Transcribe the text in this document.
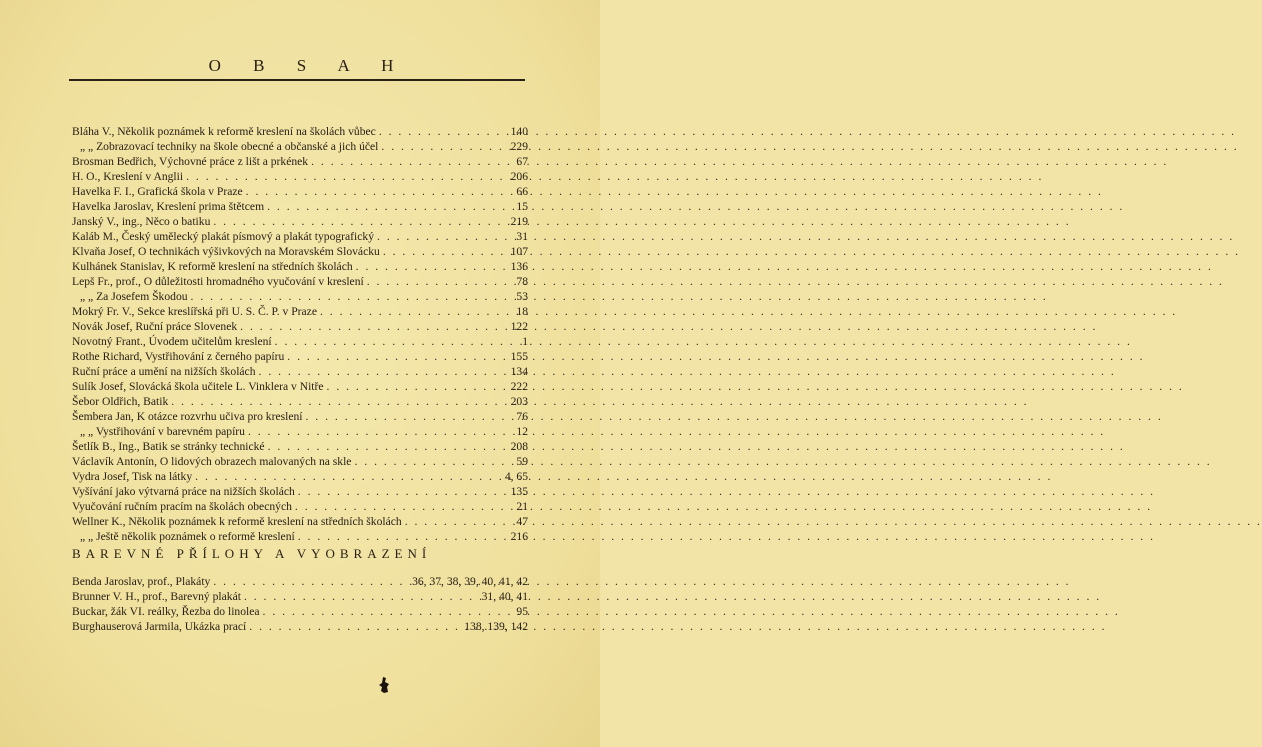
O B S A H
Bláha V., Několik poznámek k reformě kreslení na školách vůbec . . .	140
„ „ Zobrazovací techniky na škole obecné a občanské a jich účel . . .	229
Brosman Bedřich, Výchovné práce z lišt a prkének . . .	67
H. O., Kreslení v Anglii . . .	206
Havelka F. I., Grafická škola v Praze . . .	66
Havelka Jaroslav, Kreslení prima štětcem . . .	15
Janský V., ing., Něco o batiku . . .	219
Kaláb M., Český umělecký plakát písmový a plakát typografický . . .	31
Klvaňa Josef, O technikách výšivkových na Moravském Slovácku . . .	107
Kulhánek Stanislav, K reformě kreslení na středních školách . . .	136
Lepš Fr., prof., O důležitosti hromadného vyučování v kreslení . . .	78
„ „ Za Josefem Škodou . . .	53
Mokrý Fr. V., Sekce kreslířská při U. S. Č. P. v Praze . . .	18
Novák Josef, Ruční práce Slovenek . . .	122
Novotný Frant., Úvodem učitelům kreslení . . .	1
Rothe Richard, Vystřihování z černého papíru . . .	155
Ruční práce a umění na nižších školách . . .	134
Sulík Josef, Slovácká škola učitele L. Vinklera v Nitře . . .	222
Šebor Oldřich, Batik . . .	203
Šembera Jan, K otázce rozvrhu učiva pro kreslení . . .	76
„ „ Vystřihování v barevném papíru . . .	12
Šetlík B., Ing., Batik se stránky technické . . .	208
Václavík Antonín, O lidových obrazech malovaných na skle . . .	59
Vydra Josef, Tisk na látky . . .	4, 65
Vyšívání jako výtvarná práce na nižších školách . . .	135
Vyučování ručním pracím na školách obecných . . .	21
Wellner K., Několik poznámek k reformě kreslení na středních školách . . .	47
„ „ Ještě několik poznámek o reformě kreslení . . .	216
BAREVNÉ PŘÍLOHY A VYOBRAZENÍ
Benda Jaroslav, prof., Plakáty . . .	36, 37, 38, 39, 40, 41, 42
Brunner V. H., prof., Barevný plakát . . .	31, 40, 41
Buckar, žák VI. reálky, Řezba do linolea . . .	95
Burghauserová Jarmila, Ukázka prací . . .	138, 139, 142
